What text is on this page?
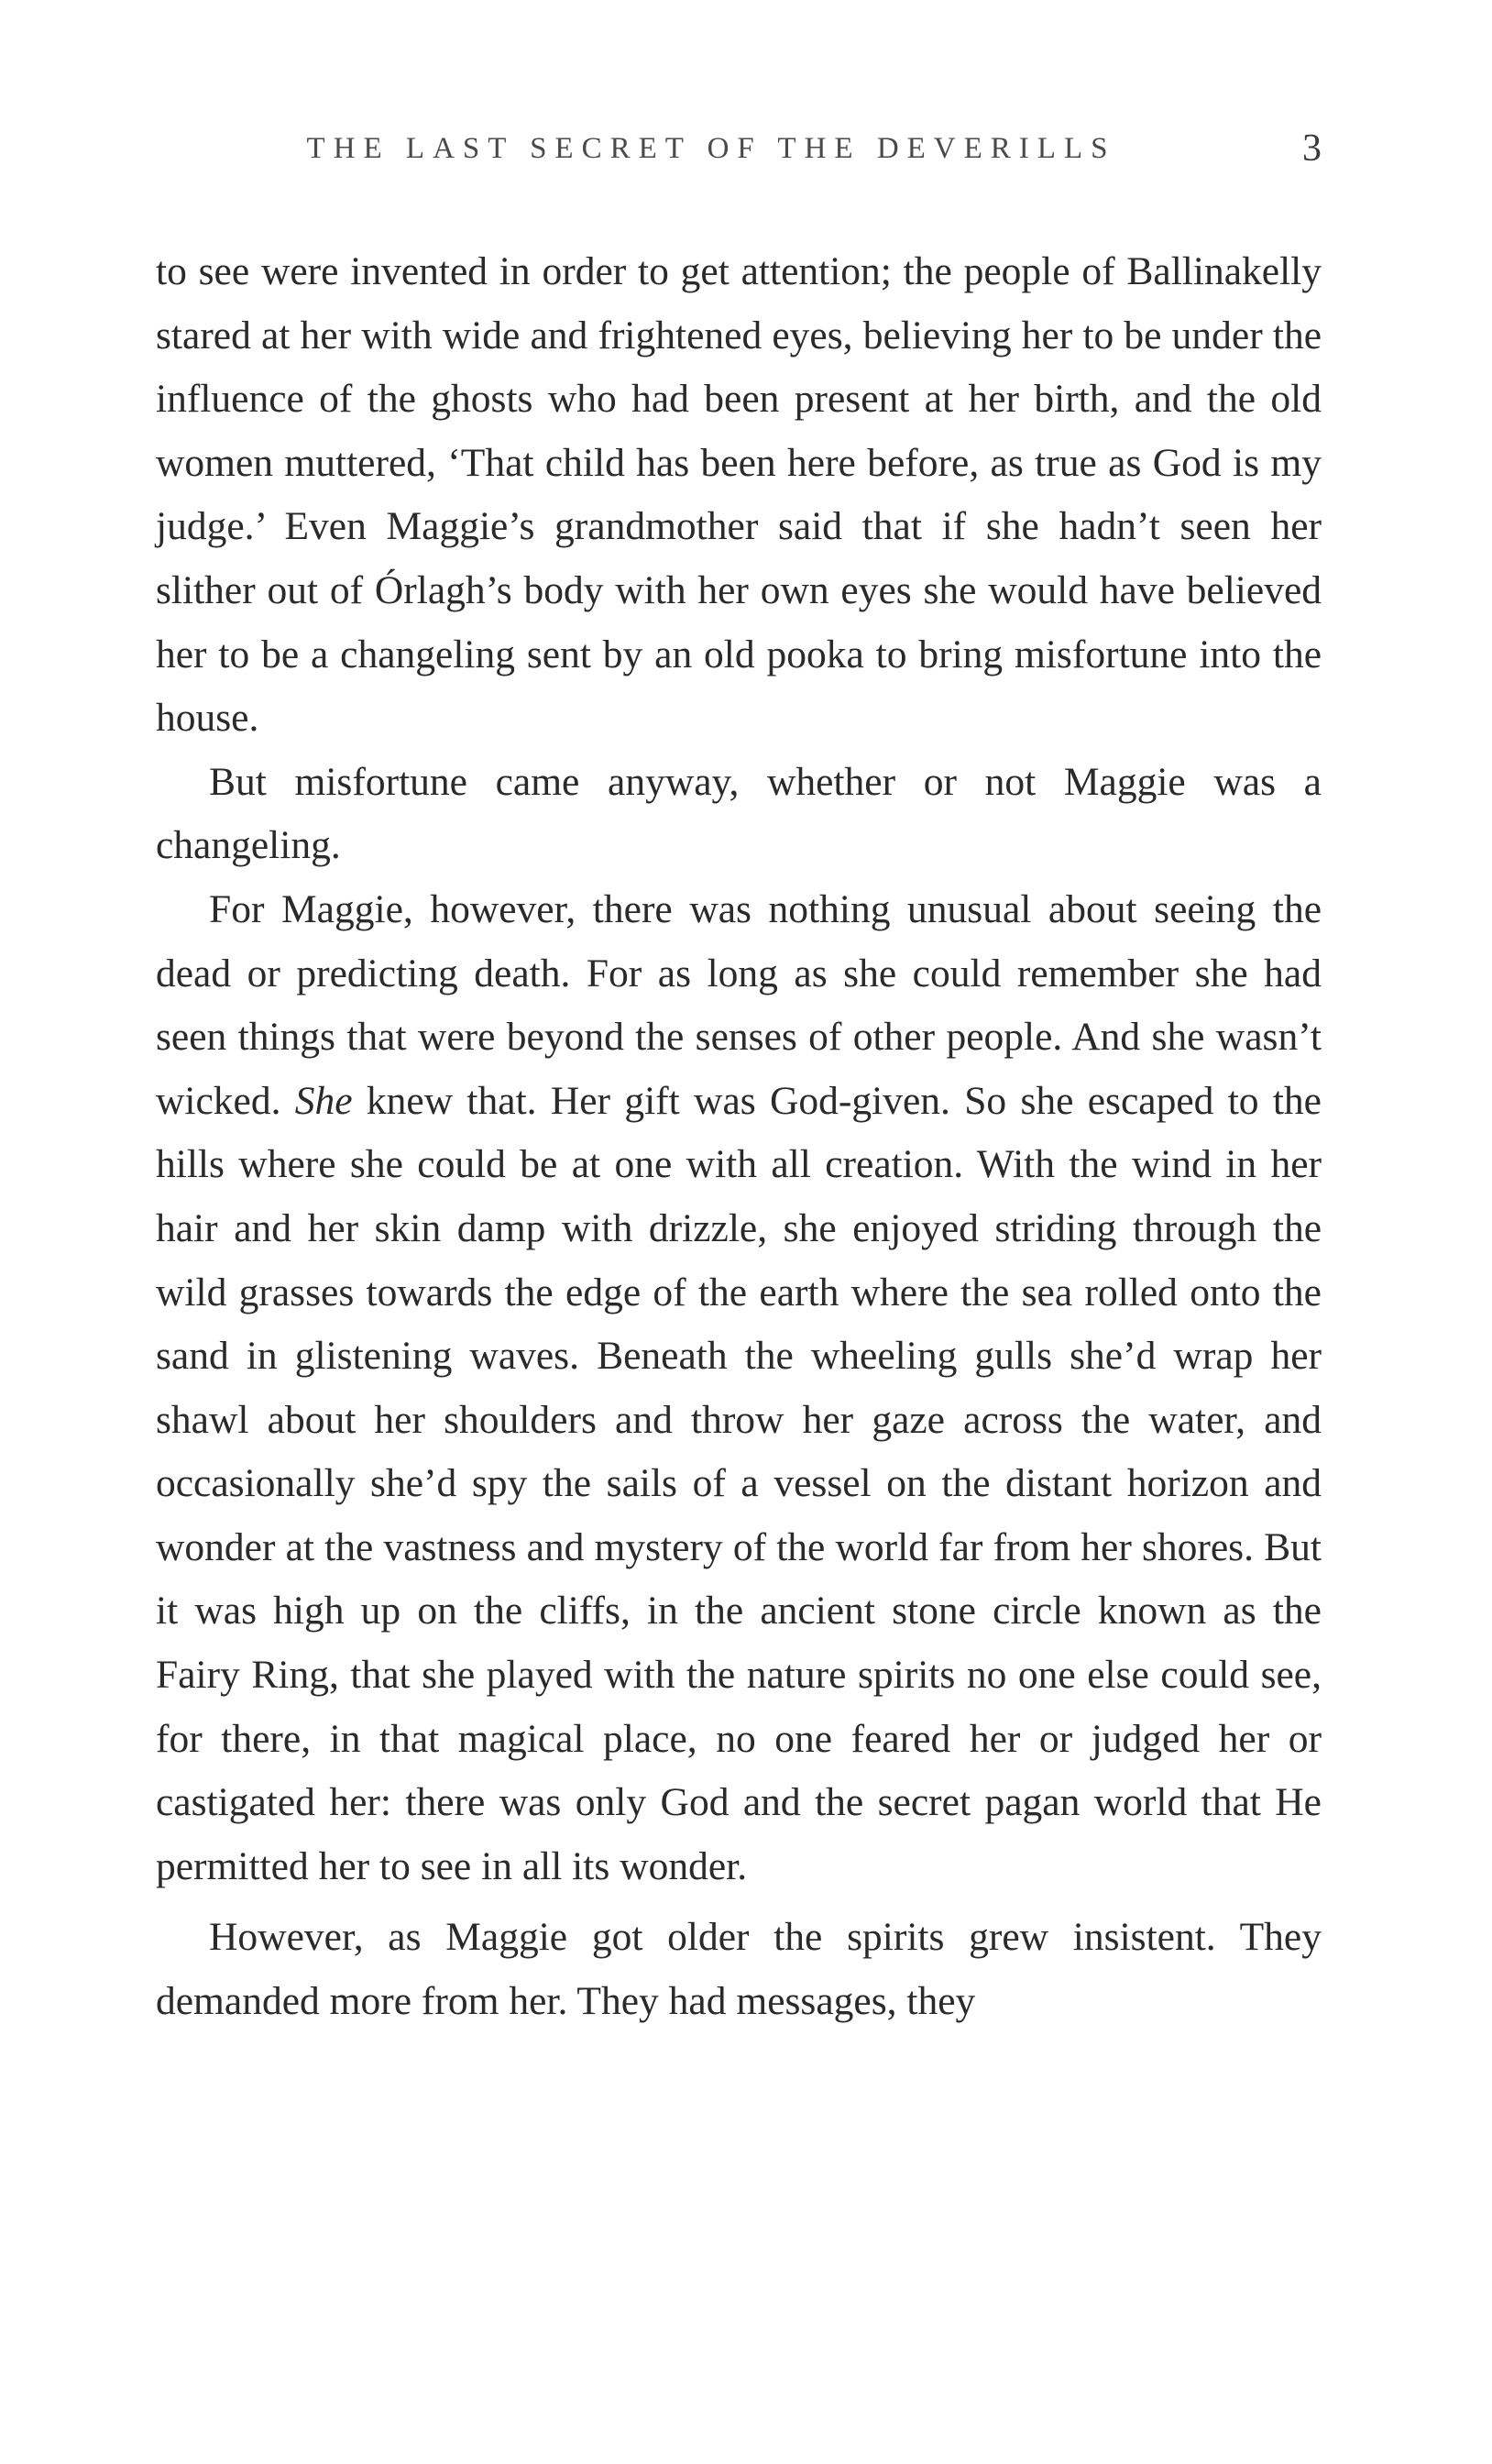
THE LAST SECRET OF THE DEVERILLS	3

to see were invented in order to get attention; the people of Ballinakelly stared at her with wide and frightened eyes, believing her to be under the influence of the ghosts who had been present at her birth, and the old women muttered, ‘That child has been here before, as true as God is my judge.’ Even Maggie’s grandmother said that if she hadn’t seen her slither out of Órlagh’s body with her own eyes she would have believed her to be a changeling sent by an old pooka to bring misfortune into the house.

But misfortune came anyway, whether or not Maggie was a changeling.

For Maggie, however, there was nothing unusual about seeing the dead or predicting death. For as long as she could remember she had seen things that were beyond the senses of other people. And she wasn’t wicked. She knew that. Her gift was God-given. So she escaped to the hills where she could be at one with all creation. With the wind in her hair and her skin damp with drizzle, she enjoyed striding through the wild grasses towards the edge of the earth where the sea rolled onto the sand in glistening waves. Beneath the wheeling gulls she’d wrap her shawl about her shoulders and throw her gaze across the water, and occasionally she’d spy the sails of a vessel on the distant horizon and wonder at the vastness and mystery of the world far from her shores. But it was high up on the cliffs, in the ancient stone circle known as the Fairy Ring, that she played with the nature spirits no one else could see, for there, in that magical place, no one feared her or judged her or castigated her: there was only God and the secret pagan world that He permitted her to see in all its wonder.

However, as Maggie got older the spirits grew insistent. They demanded more from her. They had messages, they
